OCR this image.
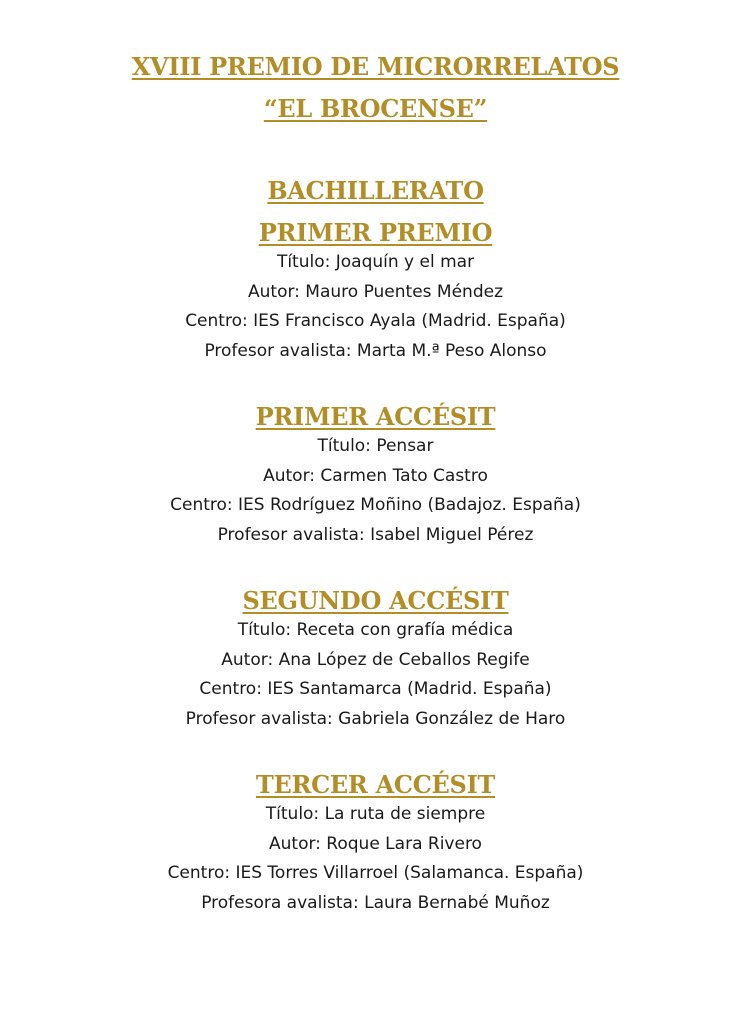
XVIII PREMIO DE MICRORRELATOS
“EL BROCENSE”
BACHILLERATO
PRIMER PREMIO
Título: Joaquín y el mar
Autor: Mauro Puentes Méndez
Centro: IES Francisco Ayala (Madrid. España)
Profesor avalista: Marta M.ª Peso Alonso
PRIMER ACCÉSIT
Título: Pensar
Autor: Carmen Tato Castro
Centro: IES Rodríguez Moñino (Badajoz. España)
Profesor avalista: Isabel Miguel Pérez
SEGUNDO ACCÉSIT
Título: Receta con grafía médica
Autor: Ana López de Ceballos Regife
Centro: IES Santamarca (Madrid. España)
Profesor avalista: Gabriela González de Haro
TERCER ACCÉSIT
Título: La ruta de siempre
Autor: Roque Lara Rivero
Centro: IES Torres Villarroel (Salamanca. España)
Profesora avalista: Laura Bernabé Muñoz
